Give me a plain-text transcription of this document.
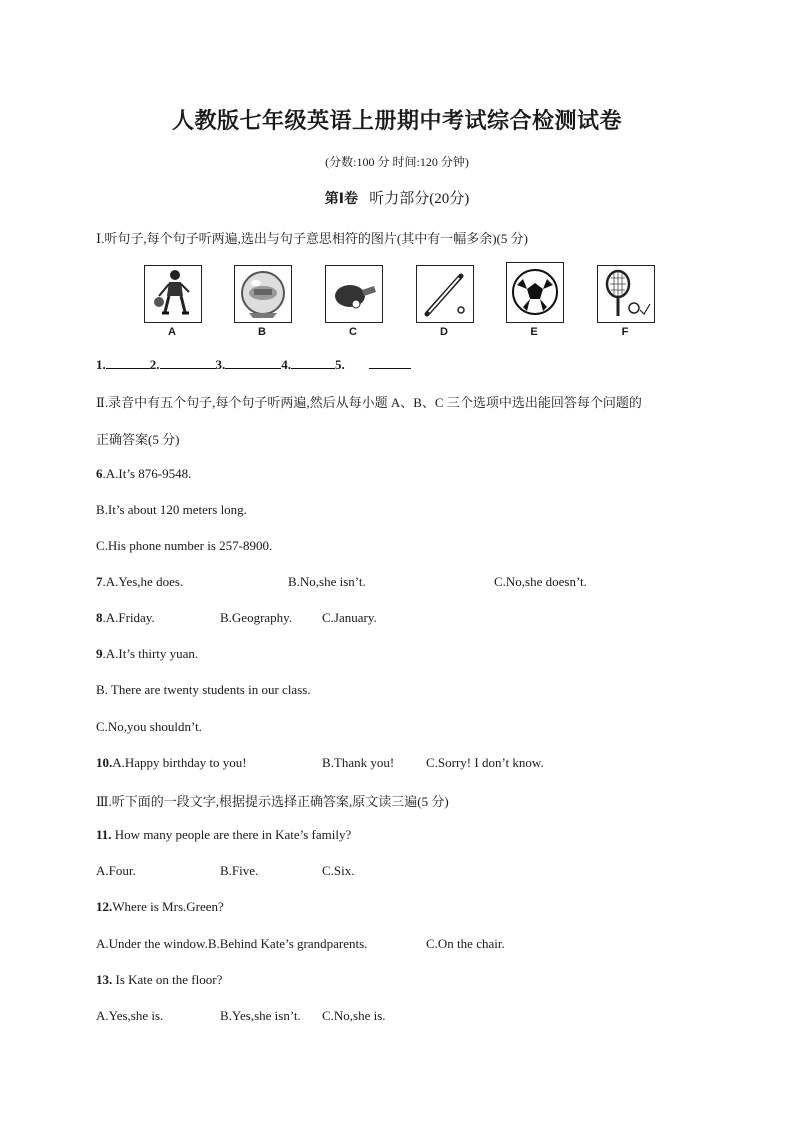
人教版七年级英语上册期中考试综合检测试卷
(分数:100 分 时间:120 分钟)
第Ⅰ卷 听力部分(20分)
Ⅰ.听句子,每个句子听两遍,选出与句子意思相符的图片(其中有一幅多余)(5 分)
A	B	C	D	E	F
1.	2.	3.	4.	5.
Ⅱ.录音中有五个句子,每个句子听两遍,然后从每小题 A、B、C 三个选项中选出能回答每个问题的
正确答案(5 分)
6.A.It’s 876-9548.
B.It’s about 120 meters long.
C.His phone number is 257-8900.
7.A.Yes,he does.	B.No,she isn’t.	C.No,she doesn’t.
8.A.Friday.	B.Geography. C.January.
9.A.It’s thirty yuan.
B. There are twenty students in our class.
C.No,you shouldn’t.
10.A.Happy birthday to you!	B.Thank you! C.Sorry! I don’t know.
Ⅲ.听下面的一段文字,根据提示选择正确答案,原文读三遍(5 分)
11. How many people are there in Kate’s family?
A.Four.	B.Five.	C.Six.
12.Where is Mrs.Green?
A.Under the window.B.Behind Kate’s grandparents.	C.On the chair.
13. Is Kate on the floor?
A.Yes,she is.	B.Yes,she isn’t. C.No,she is.
